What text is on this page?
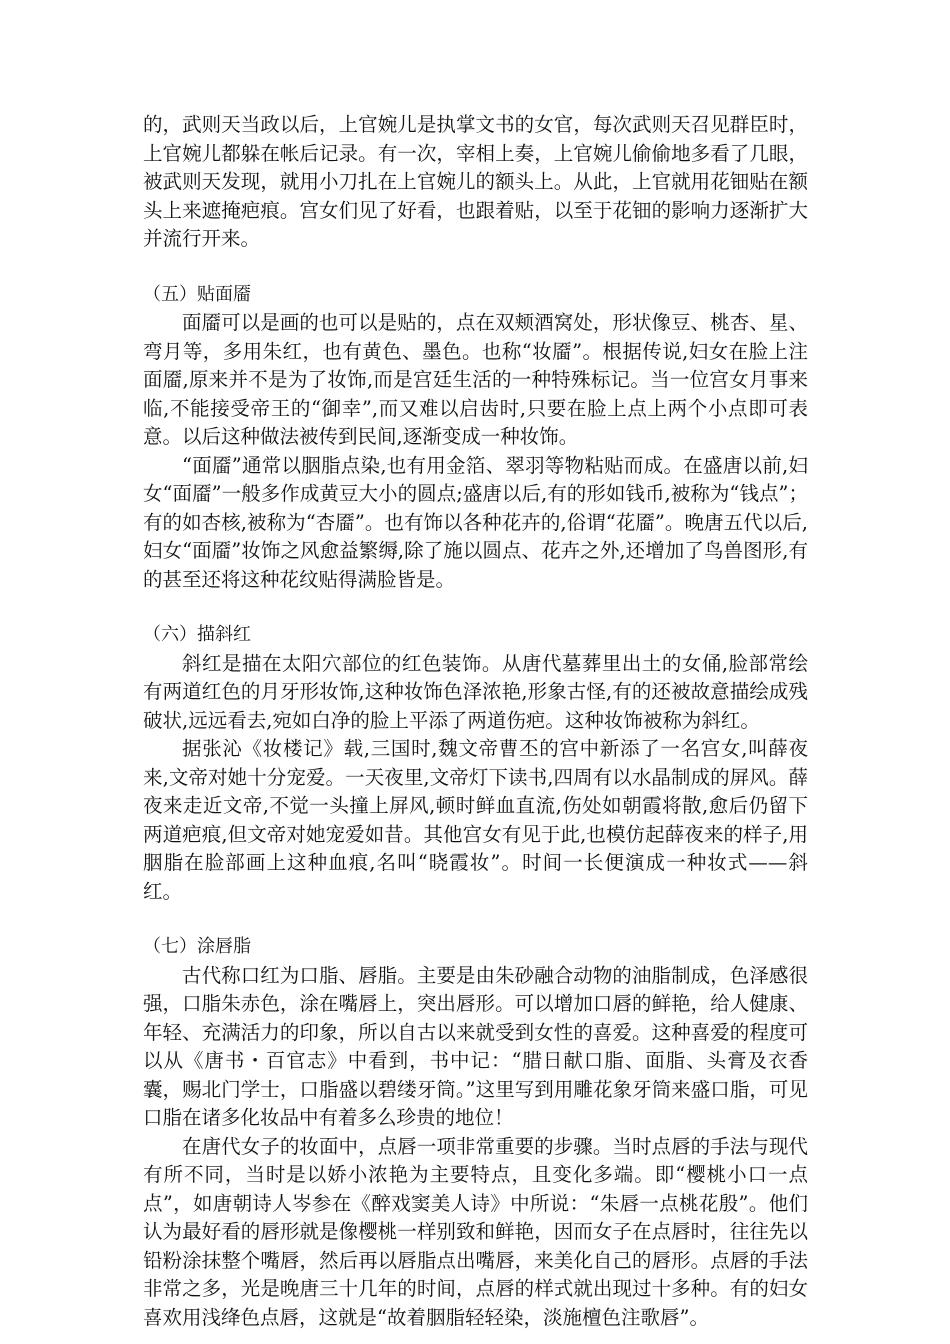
的，武则天当政以后，上官婉儿是执掌文书的女官，每次武则天召见群臣时，上官婉儿都躲在帐后记录。有一次，宰相上奏，上官婉儿偷偷地多看了几眼，被武则天发现，就用小刀扎在上官婉儿的额头上。从此，上官就用花钿贴在额头上来遮掩疤痕。宫女们见了好看，也跟着贴，以至于花钿的影响力逐渐扩大并流行开来。

（五）贴面靥

面靥可以是画的也可以是贴的，点在双颊酒窝处，形状像豆、桃杏、星、弯月等，多用朱红，也有黄色、墨色。也称“妆靥”。根据传说,妇女在脸上注面靥,原来并不是为了妆饰,而是宫廷生活的一种特殊标记。当一位宫女月事来临,不能接受帝王的“御幸”,而又难以启齿时,只要在脸上点上两个小点即可表意。以后这种做法被传到民间,逐渐变成一种妆饰。

“面靥”通常以胭脂点染,也有用金箔、翠羽等物粘贴而成。在盛唐以前,妇女“面靥”一般多作成黄豆大小的圆点;盛唐以后,有的形如钱币,被称为“钱点”；有的如杏核,被称为“杏靥”。也有饰以各种花卉的,俗谓“花靥”。晚唐五代以后,妇女“面靥”妆饰之风愈益繁缛,除了施以圆点、花卉之外,还增加了鸟兽图形,有的甚至还将这种花纹贴得满脸皆是。

（六）描斜红

斜红是描在太阳穴部位的红色装饰。从唐代墓葬里出土的女俑,脸部常绘有两道红色的月牙形妆饰,这种妆饰色泽浓艳,形象古怪,有的还被故意描绘成残破状,远远看去,宛如白净的脸上平添了两道伤疤。这种妆饰被称为斜红。

据张沁《妆楼记》载,三国时,魏文帝曹丕的宫中新添了一名宫女,叫薛夜来,文帝对她十分宠爱。一天夜里,文帝灯下读书,四周有以水晶制成的屏风。薛夜来走近文帝,不觉一头撞上屏风,顿时鲜血直流,伤处如朝霞将散,愈后仍留下两道疤痕,但文帝对她宠爱如昔。其他宫女有见于此,也模仿起薛夜来的样子,用胭脂在脸部画上这种血痕,名叫“晓霞妆”。时间一长便演成一种妆式——斜红。

（七）涂唇脂

古代称口红为口脂、唇脂。主要是由朱砂融合动物的油脂制成，色泽感很强，口脂朱赤色，涂在嘴唇上，突出唇形。可以增加口唇的鲜艳，给人健康、年轻、充满活力的印象，所以自古以来就受到女性的喜爱。这种喜爱的程度可以从《唐书・百官志》中看到，书中记：“腊日献口脂、面脂、头膏及衣香囊，赐北门学士，口脂盛以碧缕牙筒。”这里写到用雕花象牙筒来盛口脂，可见口脂在诸多化妆品中有着多么珍贵的地位！

在唐代女子的妆面中，点唇一项非常重要的步骤。当时点唇的手法与现代有所不同，当时是以娇小浓艳为主要特点，且变化多端。即“樱桃小口一点点”，如唐朝诗人岑参在《醉戏窦美人诗》中所说：“朱唇一点桃花殷”。他们认为最好看的唇形就是像樱桃一样别致和鲜艳，因而女子在点唇时，往往先以铅粉涂抹整个嘴唇，然后再以唇脂点出嘴唇，来美化自己的唇形。点唇的手法非常之多，光是晚唐三十几年的时间，点唇的样式就出现过十多种。有的妇女喜欢用浅绛色点唇，这就是“故着胭脂轻轻染，淡施檀色注歌唇”。
